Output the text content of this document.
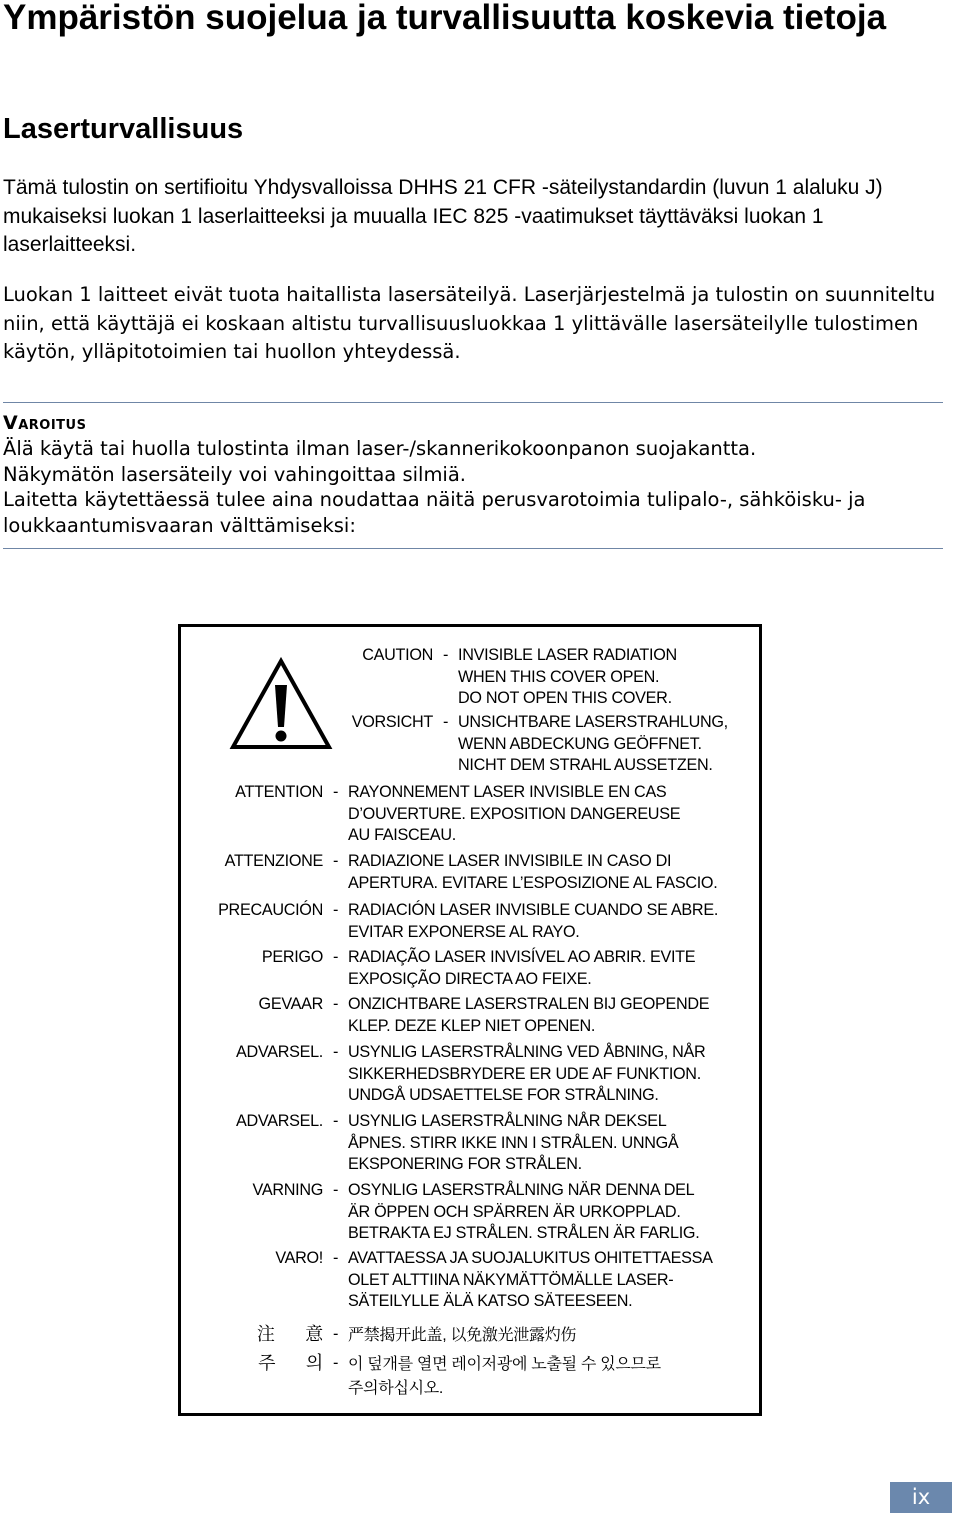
Ympäristön suojelua ja turvallisuutta koskevia tietoja
Laserturvallisuus

Tämä tulostin on sertifioitu Yhdysvalloissa DHHS 21 CFR -säteilystandardin (luvun 1 alaluku J) mukaiseksi luokan 1 laserlaitteeksi ja muualla IEC 825 -vaatimukset täyttäväksi luokan 1 laserlaitteeksi.

Luokan 1 laitteet eivät tuota haitallista lasersäteilyä. Laserjärjestelmä ja tulostin on suunniteltu niin, että käyttäjä ei koskaan altistu turvallisuusluokkaa 1 ylittävälle lasersäteilylle tulostimen käytön, ylläpitotoimien tai huollon yhteydessä.

Varoitus
Älä käytä tai huolla tulostinta ilman laser-/skannerikokoonpanon suojakantta.
Näkymätön lasersäteily voi vahingoittaa silmiä.
Laitetta käytettäessä tulee aina noudattaa näitä perusvarotoimia tulipalo-, sähköisku- ja loukkaantumisvaaran välttämiseksi:
CAUTION - INVISIBLE LASER RADIATION
WHEN THIS COVER OPEN.
DO NOT OPEN THIS COVER.
VORSICHT - UNSICHTBARE LASERSTRAHLUNG,
WENN ABDECKUNG GEÖFFNET.
NICHT DEM STRAHL AUSSETZEN.
ATTENTION - RAYONNEMENT LASER INVISIBLE EN CAS
D’OUVERTURE. EXPOSITION DANGEREUSE
AU FAISCEAU.
ATTENZIONE - RADIAZIONE LASER INVISIBILE IN CASO DI
APERTURA. EVITARE L’ESPOSIZIONE AL FASCIO.
PRECAUCIÓN - RADIACIÓN LASER INVISIBLE CUANDO SE ABRE.
EVITAR EXPONERSE AL RAYO.
PERIGO - RADIAÇÃO LASER INVISÍVEL AO ABRIR. EVITE
EXPOSIÇÃO DIRECTA AO FEIXE.
GEVAAR - ONZICHTBARE LASERSTRALEN BIJ GEOPENDE
KLEP. DEZE KLEP NIET OPENEN.
ADVARSEL. - USYNLIG LASERSTRÅLNING VED ÅBNING, NÅR
SIKKERHEDSBRYDERE ER UDE AF FUNKTION.
UNDGÅ UDSAETTELSE FOR STRÅLNING.
ADVARSEL. - USYNLIG LASERSTRÅLNING NÅR DEKSEL
ÅPNES. STIRR IKKE INN I STRÅLEN. UNNGÅ
EKSPONERING FOR STRÅLEN.
VARNING - OSYNLIG LASERSTRÅLNING NÄR DENNA DEL
ÄR ÖPPEN OCH SPÄRREN ÄR URKOPPLAD.
BETRAKTA EJ STRÅLEN. STRÅLEN ÄR FARLIG.
VARO! - AVATTAESSA JA SUOJALUKITUS OHITETTAESSA
OLET ALTTIINA NÄKYMÄTTÖMÄLLE LASER-
SÄTEILYLLE ÄLÄ KATSO SÄTEESEEN.
注 意 - 严禁揭开此盖, 以免激光泄露灼伤
주 의 - 이 덮개를 열면 레이저광에 노출될 수 있으므로
주의하십시오.
ix
